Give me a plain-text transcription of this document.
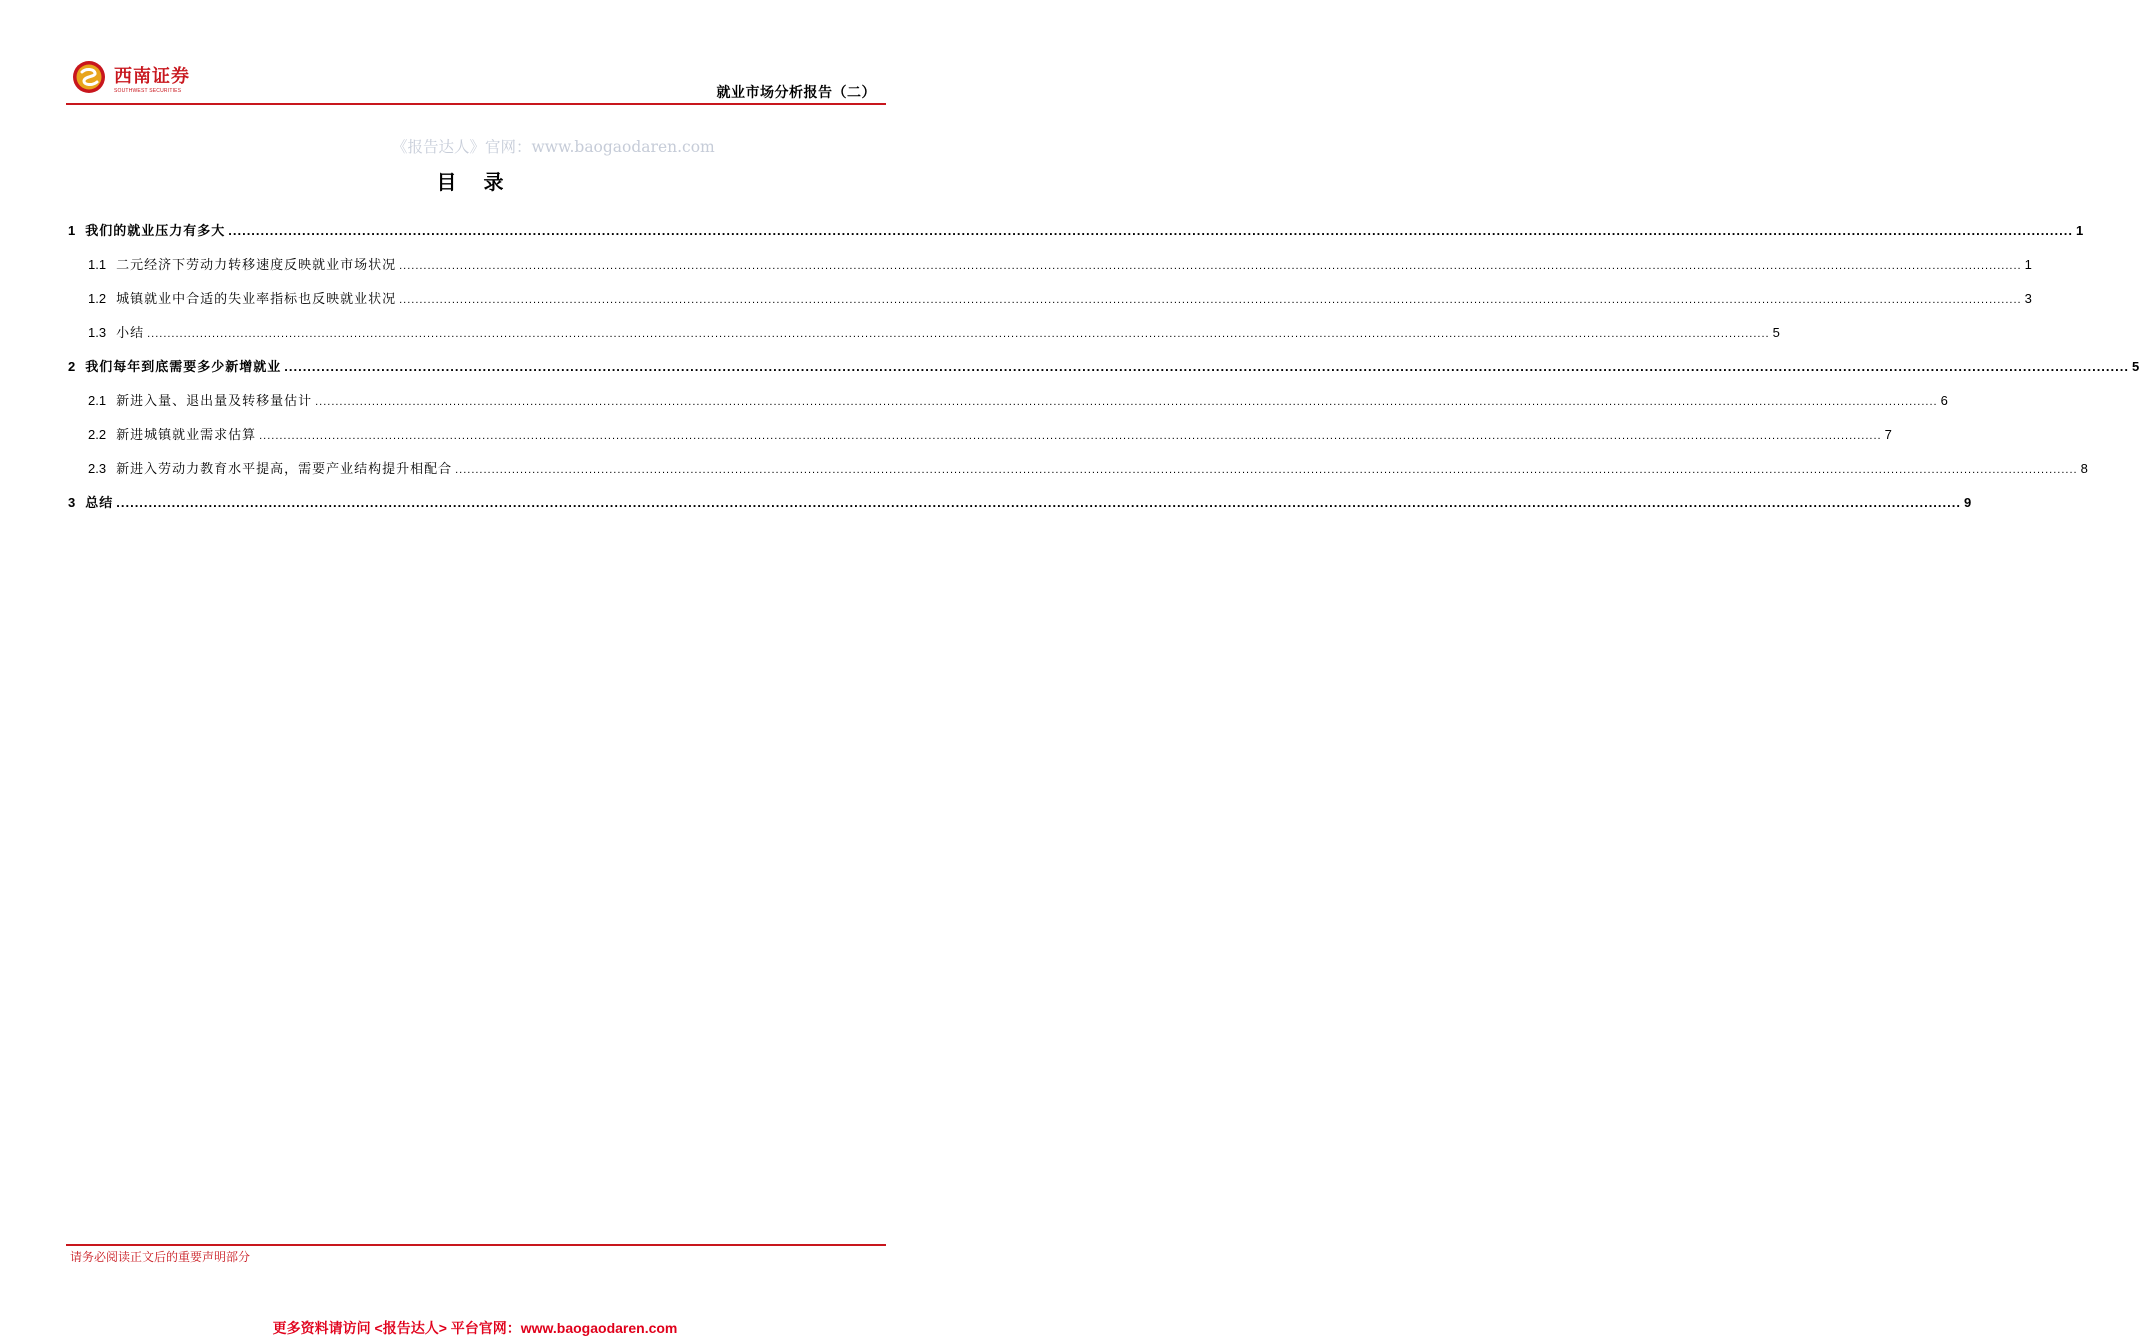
西南证券
SOUTHWEST SECURITIES	就业市场分析报告（二）
《报告达人》官网：www.baogaodaren.com
目 录
1 我们的就业压力有多大 ................................................................................................................................................................................................................................................................................................................................................................................................................ 1
1.1 二元经济下劳动力转移速度反映就业市场状况 ................................................................................................................................................................................................................................................................................................................................................................................................................ 1
1.2 城镇就业中合适的失业率指标也反映就业状况 ................................................................................................................................................................................................................................................................................................................................................................................................................ 3
1.3 小结 ................................................................................................................................................................................................................................................................................................................................................................................................................ 5
2 我们每年到底需要多少新增就业 ................................................................................................................................................................................................................................................................................................................................................................................................................ 5
2.1 新进入量、退出量及转移量估计 ................................................................................................................................................................................................................................................................................................................................................................................................................ 6
2.2 新进城镇就业需求估算 ................................................................................................................................................................................................................................................................................................................................................................................................................ 7
2.3 新进入劳动力教育水平提高，需要产业结构提升相配合 ................................................................................................................................................................................................................................................................................................................................................................................................................ 8
3 总结 ................................................................................................................................................................................................................................................................................................................................................................................................................ 9
请务必阅读正文后的重要声明部分
更多资料请访问 <报告达人> 平台官网：www.baogaodaren.com
